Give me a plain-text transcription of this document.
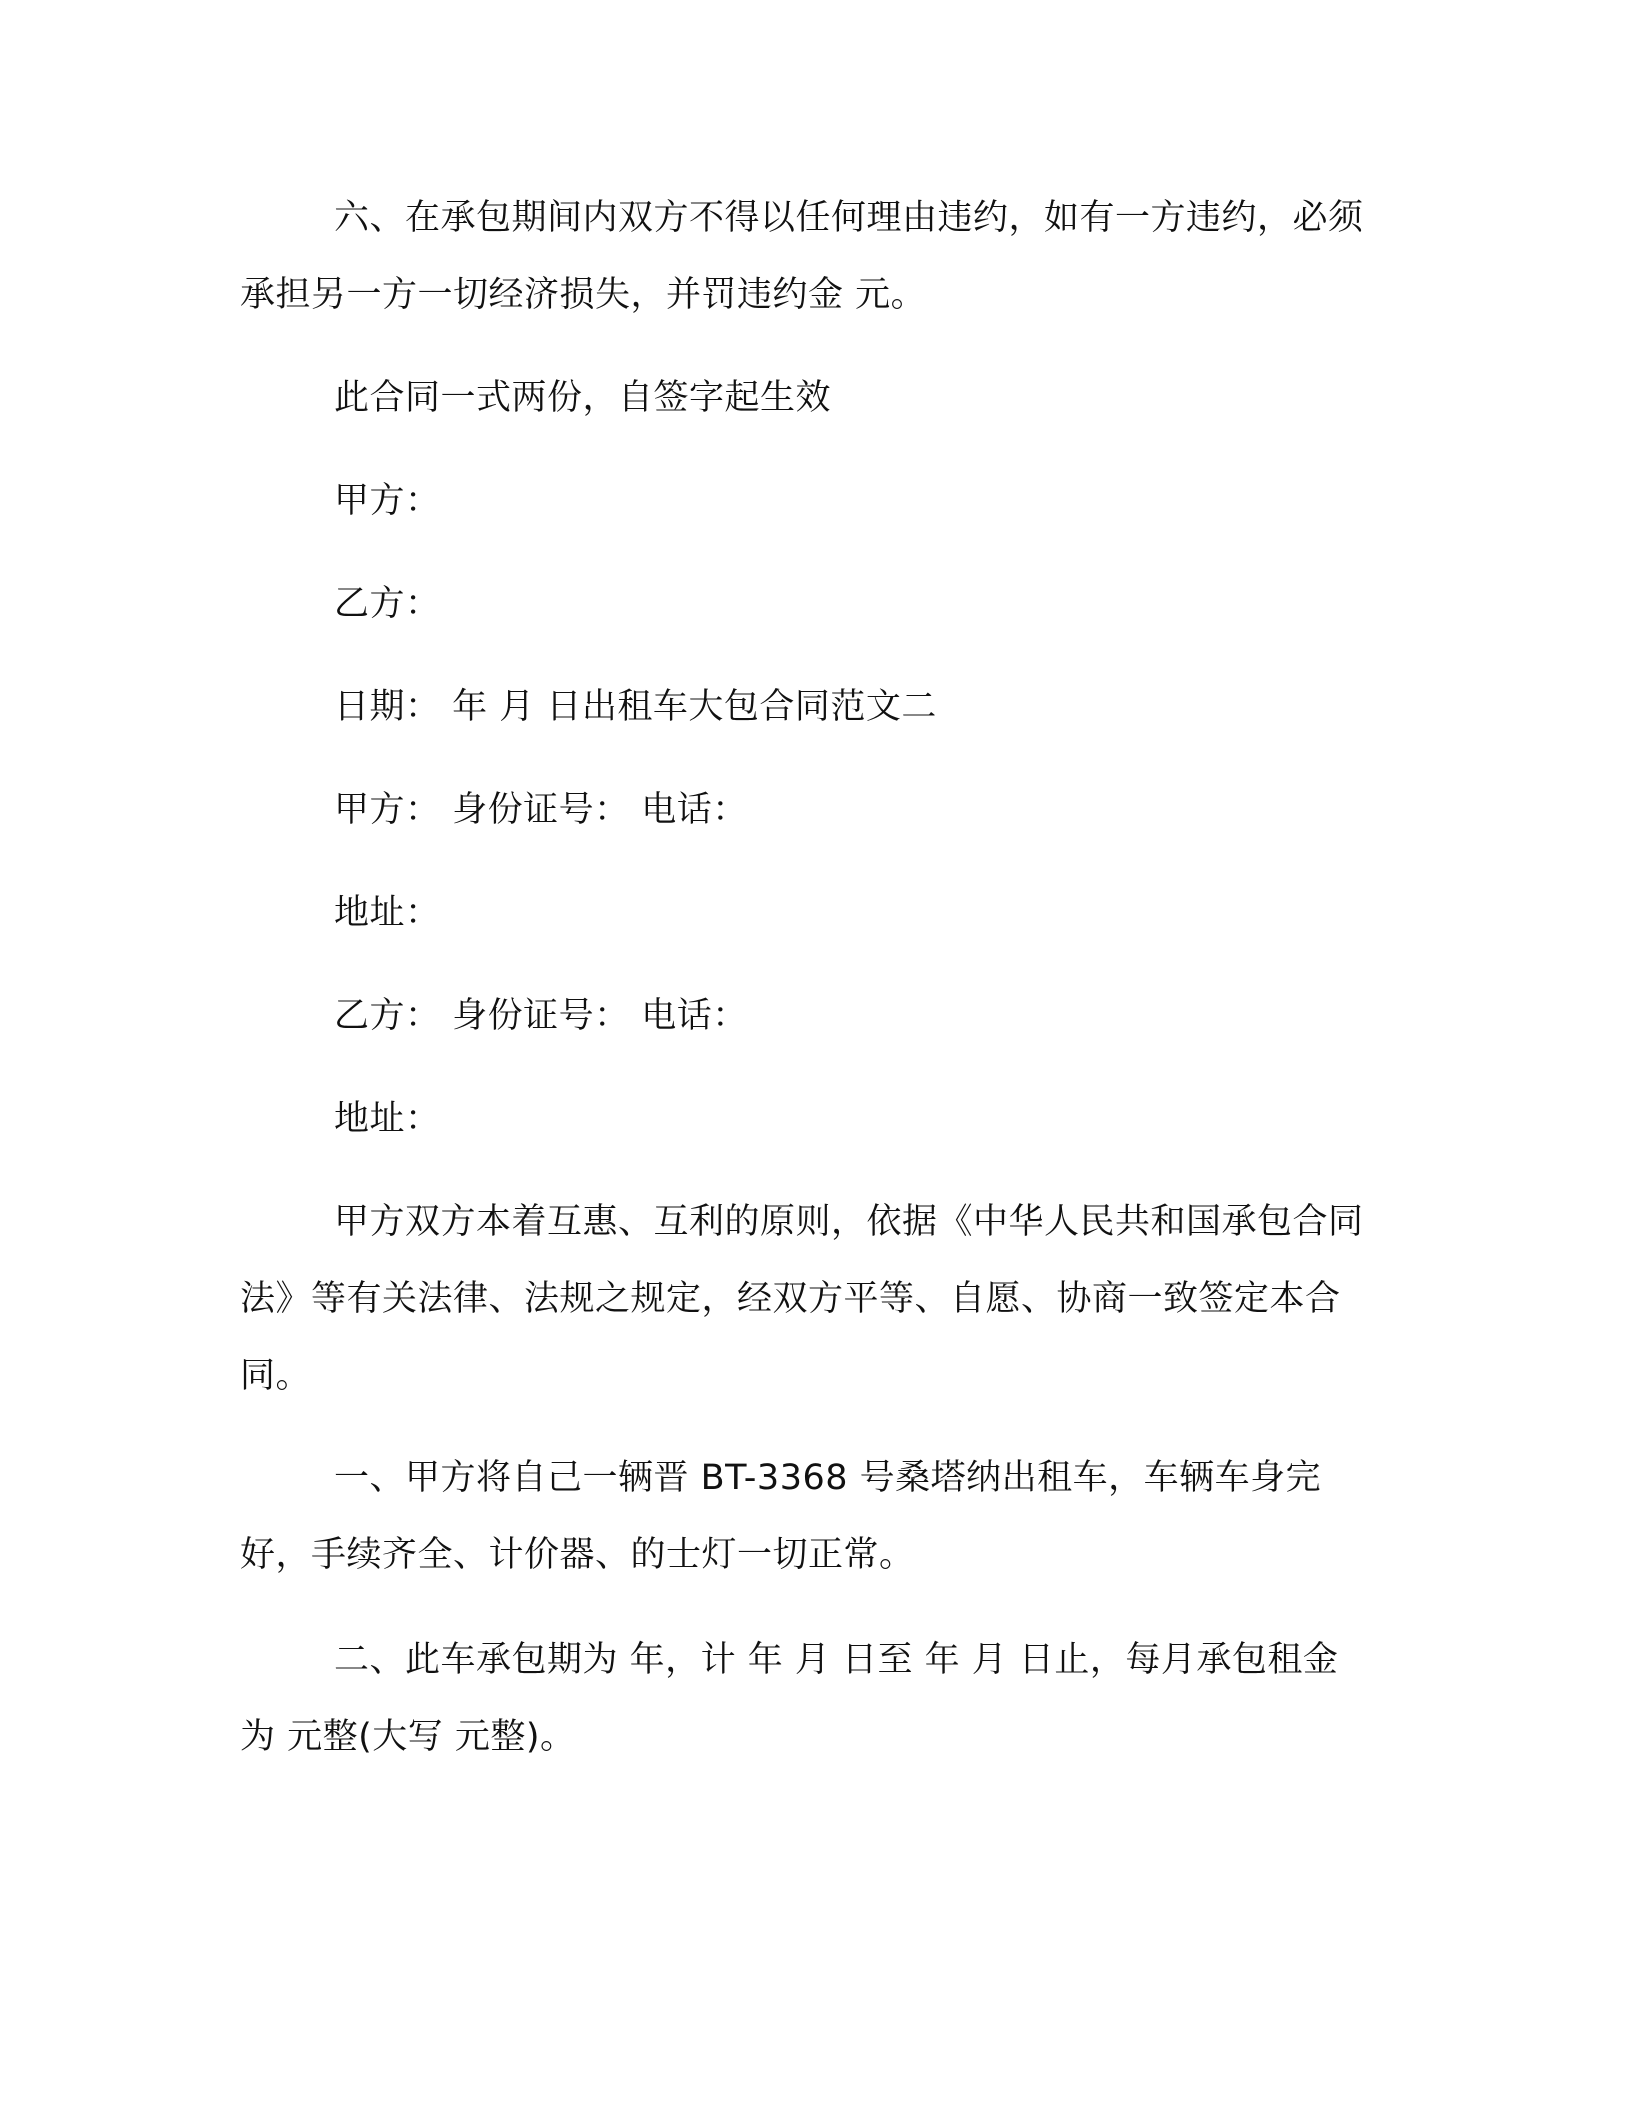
六、在承包期间内双方不得以任何理由违约，如有一方违约，必须承担另一方一切经济损失，并罚违约金 元。

此合同一式两份，自签字起生效

甲方：

乙方：

日期： 年 月 日出租车大包合同范文二

甲方： 身份证号： 电话：

地址：

乙方： 身份证号： 电话：

地址：

甲方双方本着互惠、互利的原则，依据《中华人民共和国承包合同法》等有关法律、法规之规定，经双方平等、自愿、协商一致签定本合同。

一、甲方将自己一辆晋 BT-3368 号桑塔纳出租车，车辆车身完好，手续齐全、计价器、的士灯一切正常。

二、此车承包期为 年，计 年 月 日至 年 月 日止，每月承包租金为 元整(大写 元整)。
